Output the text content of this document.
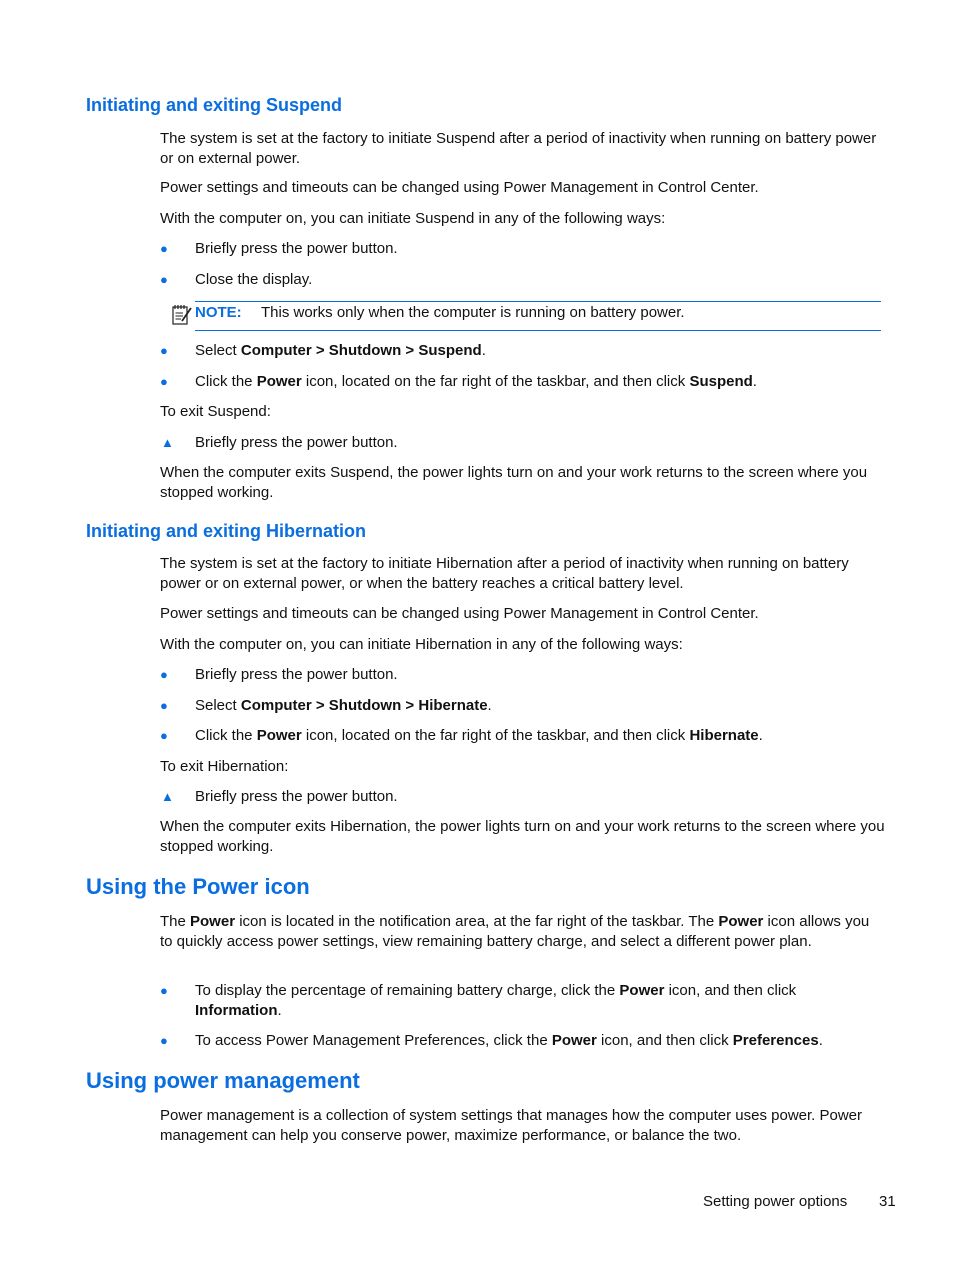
Initiating and exiting Suspend

The system is set at the factory to initiate Suspend after a period of inactivity when running on battery power or on external power.

Power settings and timeouts can be changed using Power Management in Control Center.

With the computer on, you can initiate Suspend in any of the following ways:

●	Briefly press the power button.
●	Close the display.
NOTE: This works only when the computer is running on battery power.
●	Select Computer > Shutdown > Suspend.
●	Click the Power icon, located on the far right of the taskbar, and then click Suspend.

To exit Suspend:

▲ Briefly press the power button.

When the computer exits Suspend, the power lights turn on and your work returns to the screen where you stopped working.

Initiating and exiting Hibernation

The system is set at the factory to initiate Hibernation after a period of inactivity when running on battery power or on external power, or when the battery reaches a critical battery level.

Power settings and timeouts can be changed using Power Management in Control Center.

With the computer on, you can initiate Hibernation in any of the following ways:

●	Briefly press the power button.
●	Select Computer > Shutdown > Hibernate.
●	Click the Power icon, located on the far right of the taskbar, and then click Hibernate.

To exit Hibernation:

▲ Briefly press the power button.

When the computer exits Hibernation, the power lights turn on and your work returns to the screen where you stopped working.

Using the Power icon

The Power icon is located in the notification area, at the far right of the taskbar. The Power icon allows you to quickly access power settings, view remaining battery charge, and select a different power plan.

●	To display the percentage of remaining battery charge, click the Power icon, and then click Information.
●	To access Power Management Preferences, click the Power icon, and then click Preferences.
Using power management

Power management is a collection of system settings that manages how the computer uses power. Power management can help you conserve power, maximize performance, or balance the two.

Setting power options 31
